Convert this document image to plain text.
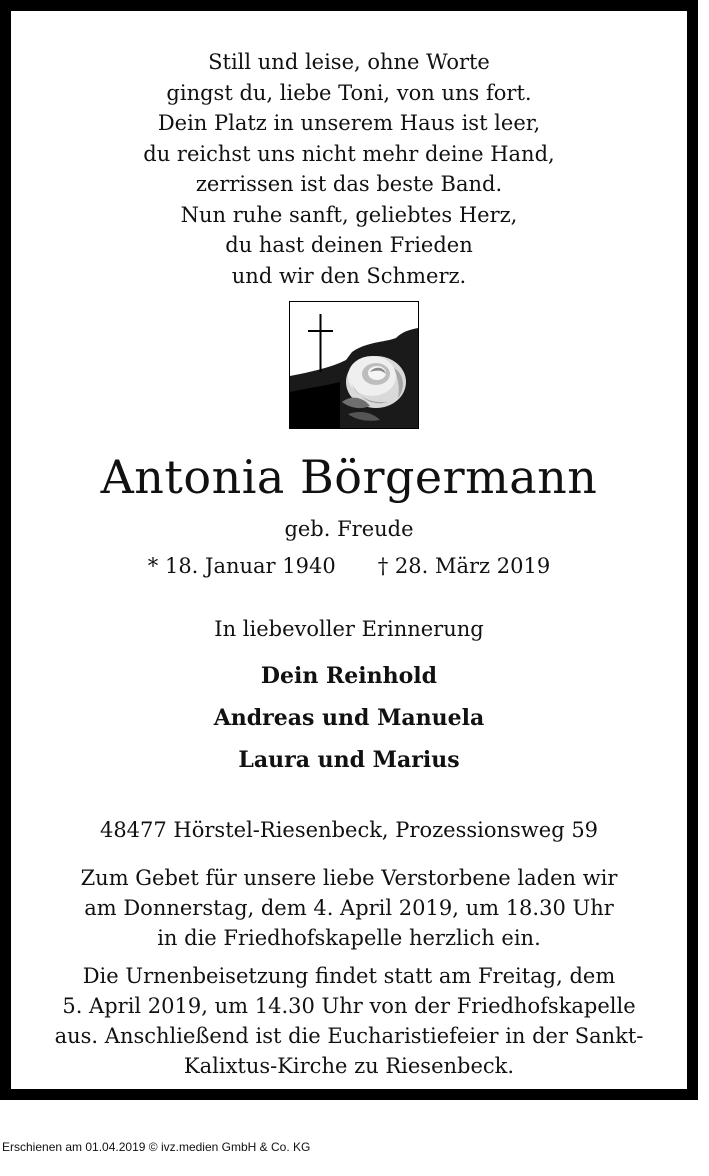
Still und leise, ohne Worte
gingst du, liebe Toni, von uns fort.
Dein Platz in unserem Haus ist leer,
du reichst uns nicht mehr deine Hand,
zerrissen ist das beste Band.
Nun ruhe sanft, geliebtes Herz,
du hast deinen Frieden
und wir den Schmerz.
Antonia Börgermann
geb. Freude
* 18. Januar 1940 † 28. März 2019
In liebevoller Erinnerung
Dein Reinhold
Andreas und Manuela
Laura und Marius
48477 Hörstel-Riesenbeck, Prozessionsweg 59
Zum Gebet für unsere liebe Verstorbene laden wir
am Donnerstag, dem 4. April 2019, um 18.30 Uhr
in die Friedhofskapelle herzlich ein.
Die Urnenbeisetzung findet statt am Freitag, dem
5. April 2019, um 14.30 Uhr von der Friedhofskapelle
aus. Anschließend ist die Eucharistiefeier in der Sankt-
Kalixtus-Kirche zu Riesenbeck.
Erschienen am 01.04.2019 © ivz.medien GmbH & Co. KG
